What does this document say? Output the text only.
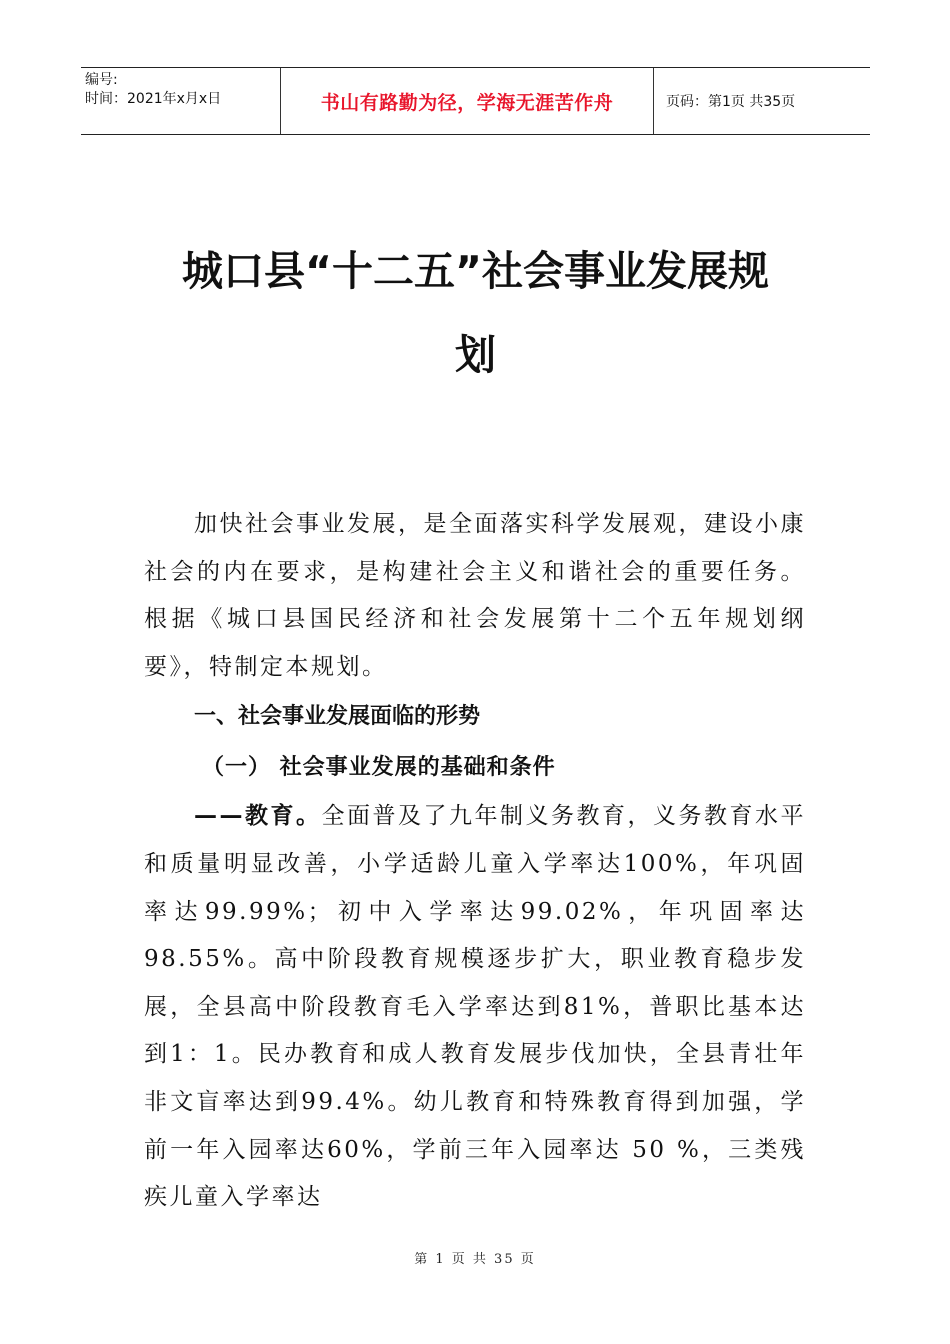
编号:
时间：2021年x月x日	书山有路勤为径，学海无涯苦作舟	页码：第1页 共35页
城口县“十二五”社会事业发展规
划

加快社会事业发展，是全面落实科学发展观，建设小康社会的内在要求，是构建社会主义和谐社会的重要任务。根据《城口县国民经济和社会发展第十二个五年规划纲要》，特制定本规划。

一、社会事业发展面临的形势

（一） 社会事业发展的基础和条件

——教育。全面普及了九年制义务教育，义务教育水平和质量明显改善，小学适龄儿童入学率达100%，年巩固率达99.99%；初中入学率达99.02%，年巩固率达98.55%。高中阶段教育规模逐步扩大，职业教育稳步发展，全县高中阶段教育毛入学率达到81%，普职比基本达到1：1。民办教育和成人教育发展步伐加快，全县青壮年非文盲率达到99.4%。幼儿教育和特殊教育得到加强，学前一年入园率达60%，学前三年入园率达 50 %，三类残疾儿童入学率达

第 1 页 共 35 页
